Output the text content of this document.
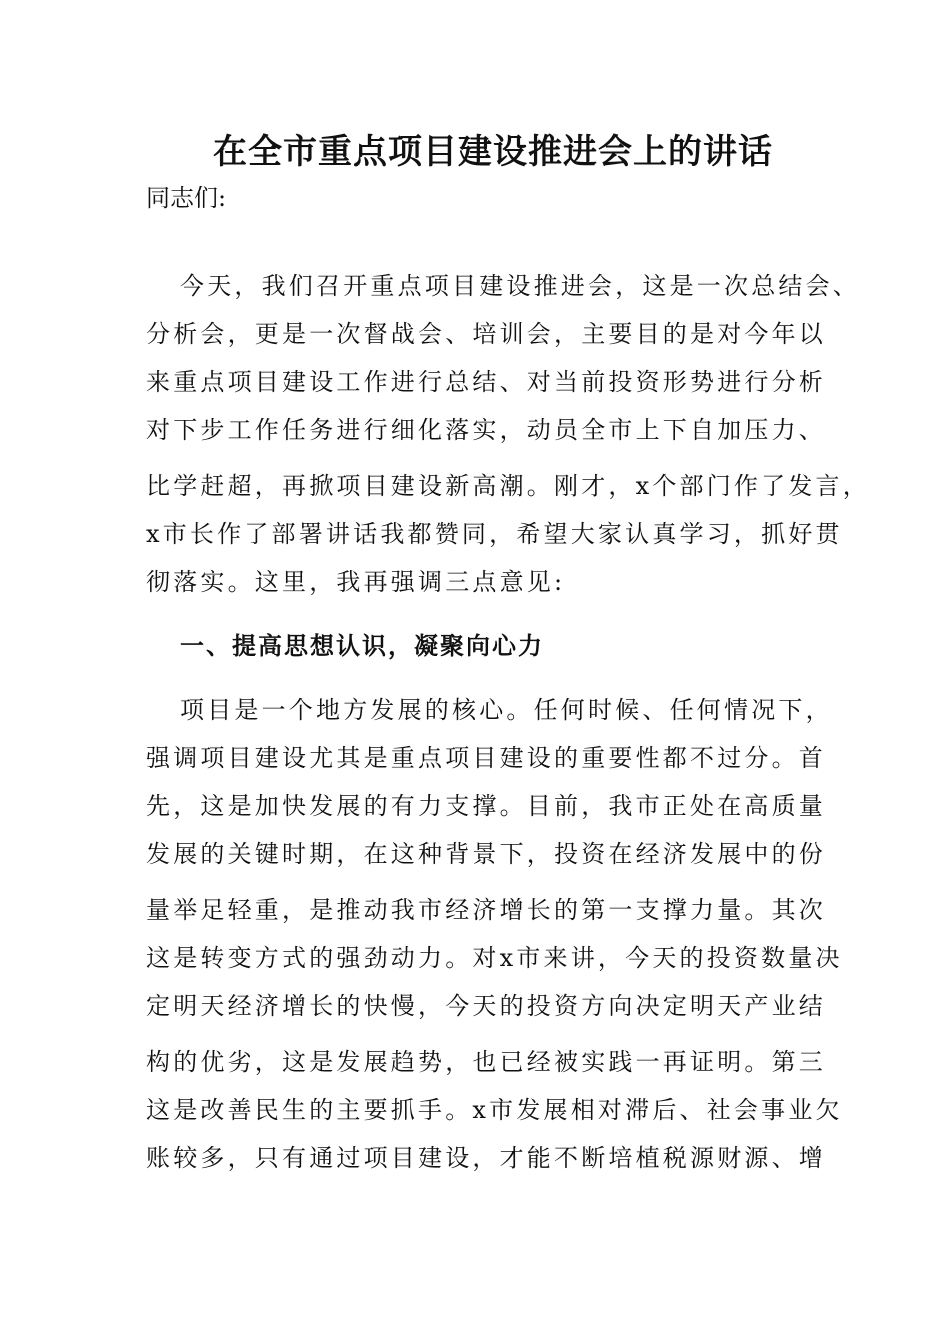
在全市重点项目建设推进会上的讲话

同志们:

今天，我们召开重点项目建设推进会，这是一次总结会、

分析会，更是一次督战会、培训会，主要目的是对今年以

来重点项目建设工作进行总结、对当前投资形势进行分析

对下步工作任务进行细化落实，动员全市上下自加压力、

比学赶超，再掀项目建设新高潮。刚才，x个部门作了发言，

x市长作了部署讲话我都赞同，希望大家认真学习，抓好贯

彻落实。这里，我再强调三点意见:

一、提高思想认识，凝聚向心力

项目是一个地方发展的核心。任何时候、任何情况下，

强调项目建设尤其是重点项目建设的重要性都不过分。首

先，这是加快发展的有力支撑。目前，我市正处在高质量

发展的关键时期，在这种背景下，投资在经济发展中的份

量举足轻重，是推动我市经济增长的第一支撑力量。其次

这是转变方式的强劲动力。对x市来讲，今天的投资数量决

定明天经济增长的快慢，今天的投资方向决定明天产业结

构的优劣，这是发展趋势，也已经被实践一再证明。第三

这是改善民生的主要抓手。x市发展相对滞后、社会事业欠

账较多，只有通过项目建设，才能不断培植税源财源、增
